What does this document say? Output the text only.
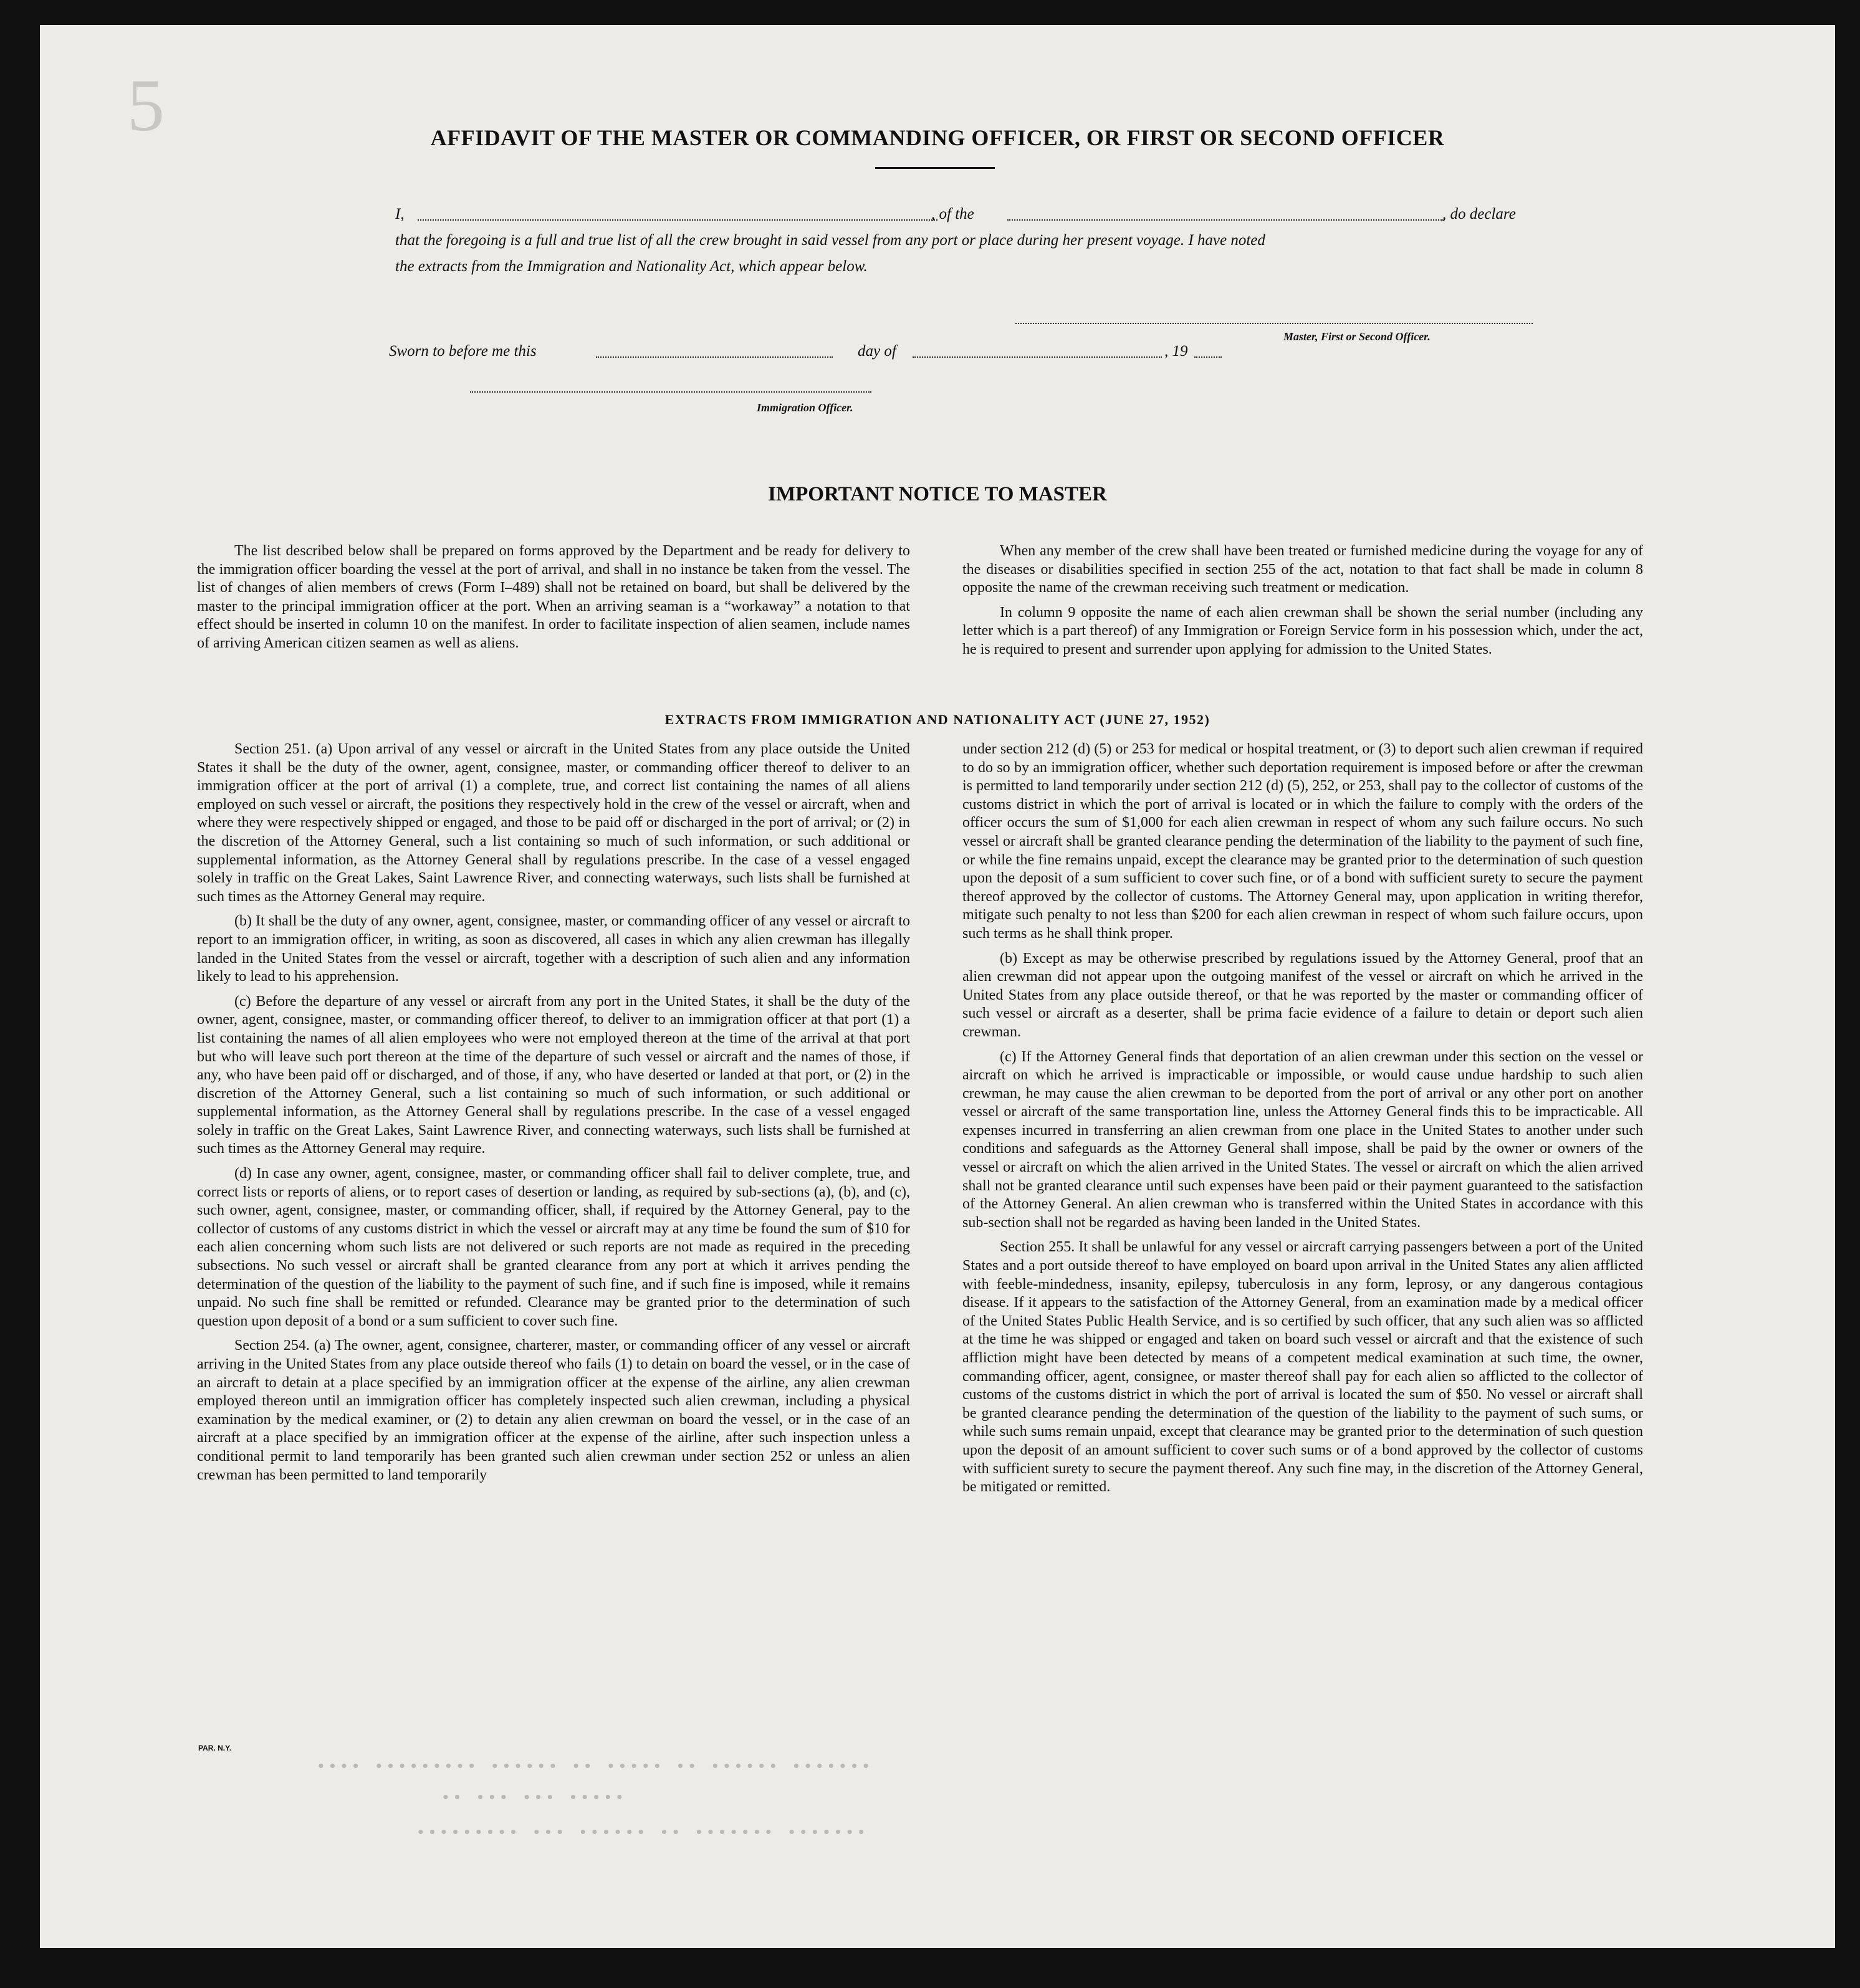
5	AFFIDAVIT OF THE MASTER OR COMMANDING OFFICER, OR FIRST OR SECOND OFFICER
I,	, of the	, do declare
that the foregoing is a full and true list of all the crew brought in said vessel from any port or place during her present voyage. I have noted
the extracts from the Immigration and Nationality Act, which appear below.
Master, First or Second Officer.
Sworn to before me this	day of	, 19
Immigration Officer.
IMPORTANT NOTICE TO MASTER

The list described below shall be prepared on forms approved by the Department and be ready for delivery to the immigration officer boarding the vessel at the port of arrival, and shall in no instance be taken from the vessel. The list of changes of alien members of crews (Form I–489) shall not be retained on board, but shall be delivered by the master to the principal immigration officer at the port. When an arriving seaman is a “workaway” a notation to that effect should be inserted in column 10 on the manifest. In order to facilitate inspection of alien seamen, include names of arriving American citizen seamen as well as aliens.

When any member of the crew shall have been treated or furnished medicine during the voyage for any of the diseases or disabilities specified in section 255 of the act, notation to that fact shall be made in column 8 opposite the name of the crewman receiving such treatment or medication.

In column 9 opposite the name of each alien crewman shall be shown the serial number (including any letter which is a part thereof) of any Immigration or Foreign Service form in his possession which, under the act, he is required to present and surrender upon applying for admission to the United States.

EXTRACTS FROM IMMIGRATION AND NATIONALITY ACT (JUNE 27, 1952)

Section 251. (a) Upon arrival of any vessel or aircraft in the United States from any place outside the United States it shall be the duty of the owner, agent, consignee, master, or commanding officer thereof to deliver to an immigration officer at the port of arrival (1) a complete, true, and correct list containing the names of all aliens employed on such vessel or aircraft, the positions they respectively hold in the crew of the vessel or aircraft, when and where they were respectively shipped or engaged, and those to be paid off or discharged in the port of arrival; or (2) in the discretion of the Attorney General, such a list containing so much of such information, or such additional or supplemental information, as the Attorney General shall by regulations prescribe. In the case of a vessel engaged solely in traffic on the Great Lakes, Saint Lawrence River, and connecting waterways, such lists shall be furnished at such times as the Attorney General may require.

(b) It shall be the duty of any owner, agent, consignee, master, or commanding officer of any vessel or aircraft to report to an immigration officer, in writing, as soon as discovered, all cases in which any alien crewman has illegally landed in the United States from the vessel or aircraft, together with a description of such alien and any information likely to lead to his apprehension.

(c) Before the departure of any vessel or aircraft from any port in the United States, it shall be the duty of the owner, agent, consignee, master, or commanding officer thereof, to deliver to an immigration officer at that port (1) a list containing the names of all alien employees who were not employed thereon at the time of the arrival at that port but who will leave such port thereon at the time of the departure of such vessel or aircraft and the names of those, if any, who have been paid off or discharged, and of those, if any, who have deserted or landed at that port, or (2) in the discretion of the Attorney General, such a list containing so much of such information, or such additional or supplemental information, as the Attorney General shall by regulations prescribe. In the case of a vessel engaged solely in traffic on the Great Lakes, Saint Lawrence River, and connecting waterways, such lists shall be furnished at such times as the Attorney General may require.

(d) In case any owner, agent, consignee, master, or commanding officer shall fail to deliver complete, true, and correct lists or reports of aliens, or to report cases of desertion or landing, as required by sub-sections (a), (b), and (c), such owner, agent, consignee, master, or commanding officer, shall, if required by the Attorney General, pay to the collector of customs of any customs district in which the vessel or aircraft may at any time be found the sum of $10 for each alien concerning whom such lists are not delivered or such reports are not made as required in the preceding subsections. No such vessel or aircraft shall be granted clearance from any port at which it arrives pending the determination of the question of the liability to the payment of such fine, and if such fine is imposed, while it remains unpaid. No such fine shall be remitted or refunded. Clearance may be granted prior to the determination of such question upon deposit of a bond or a sum sufficient to cover such fine.

Section 254. (a) The owner, agent, consignee, charterer, master, or commanding officer of any vessel or aircraft arriving in the United States from any place outside thereof who fails (1) to detain on board the vessel, or in the case of an aircraft to detain at a place specified by an immigration officer at the expense of the airline, any alien crewman employed thereon until an immigration officer has completely inspected such alien crewman, including a physical examination by the medical examiner, or (2) to detain any alien crewman on board the vessel, or in the case of an aircraft at a place specified by an immigration officer at the expense of the airline, after such inspection unless a conditional permit to land temporarily has been granted such alien crewman under section 252 or unless an alien crewman has been permitted to land temporarily

under section 212 (d) (5) or 253 for medical or hospital treatment, or (3) to deport such alien crewman if required to do so by an immigration officer, whether such deportation requirement is imposed before or after the crewman is permitted to land temporarily under section 212 (d) (5), 252, or 253, shall pay to the collector of customs of the customs district in which the port of arrival is located or in which the failure to comply with the orders of the officer occurs the sum of $1,000 for each alien crewman in respect of whom any such failure occurs. No such vessel or aircraft shall be granted clearance pending the determination of the liability to the payment of such fine, or while the fine remains unpaid, except the clearance may be granted prior to the determination of such question upon the deposit of a sum sufficient to cover such fine, or of a bond with sufficient surety to secure the payment thereof approved by the collector of customs. The Attorney General may, upon application in writing therefor, mitigate such penalty to not less than $200 for each alien crewman in respect of whom such failure occurs, upon such terms as he shall think proper.

(b) Except as may be otherwise prescribed by regulations issued by the Attorney General, proof that an alien crewman did not appear upon the outgoing manifest of the vessel or aircraft on which he arrived in the United States from any place outside thereof, or that he was reported by the master or commanding officer of such vessel or aircraft as a deserter, shall be prima facie evidence of a failure to detain or deport such alien crewman.

(c) If the Attorney General finds that deportation of an alien crewman under this section on the vessel or aircraft on which he arrived is impracticable or impossible, or would cause undue hardship to such alien crewman, he may cause the alien crewman to be deported from the port of arrival or any other port on another vessel or aircraft of the same transportation line, unless the Attorney General finds this to be impracticable. All expenses incurred in transferring an alien crewman from one place in the United States to another under such conditions and safeguards as the Attorney General shall impose, shall be paid by the owner or owners of the vessel or aircraft on which the alien arrived in the United States. The vessel or aircraft on which the alien arrived shall not be granted clearance until such expenses have been paid or their payment guaranteed to the satisfaction of the Attorney General. An alien crewman who is transferred within the United States in accordance with this sub-section shall not be regarded as having been landed in the United States.

Section 255. It shall be unlawful for any vessel or aircraft carrying passengers between a port of the United States and a port outside thereof to have employed on board upon arrival in the United States any alien afflicted with feeble-mindedness, insanity, epilepsy, tuberculosis in any form, leprosy, or any dangerous contagious disease. If it appears to the satisfaction of the Attorney General, from an examination made by a medical officer of the United States Public Health Service, and is so certified by such officer, that any such alien was so afflicted at the time he was shipped or engaged and taken on board such vessel or aircraft and that the existence of such affliction might have been detected by means of a competent medical examination at such time, the owner, commanding officer, agent, consignee, or master thereof shall pay for each alien so afflicted to the collector of customs of the customs district in which the port of arrival is located the sum of $50. No vessel or aircraft shall be granted clearance pending the determination of the question of the liability to the payment of such sums, or while such sums remain unpaid, except that clearance may be granted prior to the determination of such question upon the deposit of an amount sufficient to cover such sums or of a bond approved by the collector of customs with sufficient surety to secure the payment thereof. Any such fine may, in the discretion of the Attorney General, be mitigated or remitted.

PAR. N.Y.
••••••• •••••• •• ••••• •• •••••• ••••••••• ••••
••••• ••• ••• ••
••••••• ••••••• •• •••••• ••• •••••••••
